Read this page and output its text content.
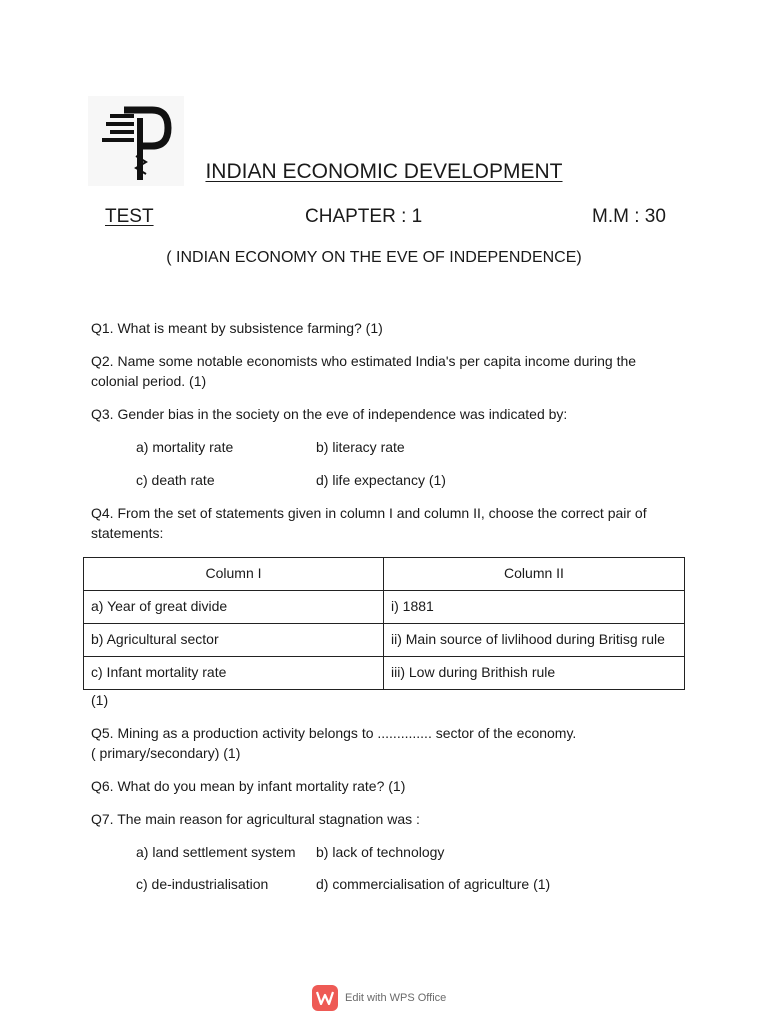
INDIAN ECONOMIC DEVELOPMENT
TEST	CHAPTER : 1	M.M : 30
( INDIAN ECONOMY ON THE EVE OF INDEPENDENCE)
Q1. What is meant by subsistence farming? (1)
Q2. Name some notable economists who estimated India's per capita income during the
colonial period. (1)
Q3. Gender bias in the society on the eve of independence was indicated by:
a) mortality rate	b) literacy rate
c) death rate	d) life expectancy (1)
Q4. From the set of statements given in column I and column II, choose the correct pair of
statements:
Column I	Column II
a) Year of great divide	i) 1881
b) Agricultural sector	ii) Main source of livlihood during Britisg rule
c) Infant mortality rate	iii) Low during Brithish rule
(1)
Q5. Mining as a production activity belongs to .............. sector of the economy.
( primary/secondary) (1)
Q6. What do you mean by infant mortality rate? (1)
Q7. The main reason for agricultural stagnation was :
a) land settlement system b) lack of technology
c) de-industrialisation	d) commercialisation of agriculture (1)
Edit with WPS Office
